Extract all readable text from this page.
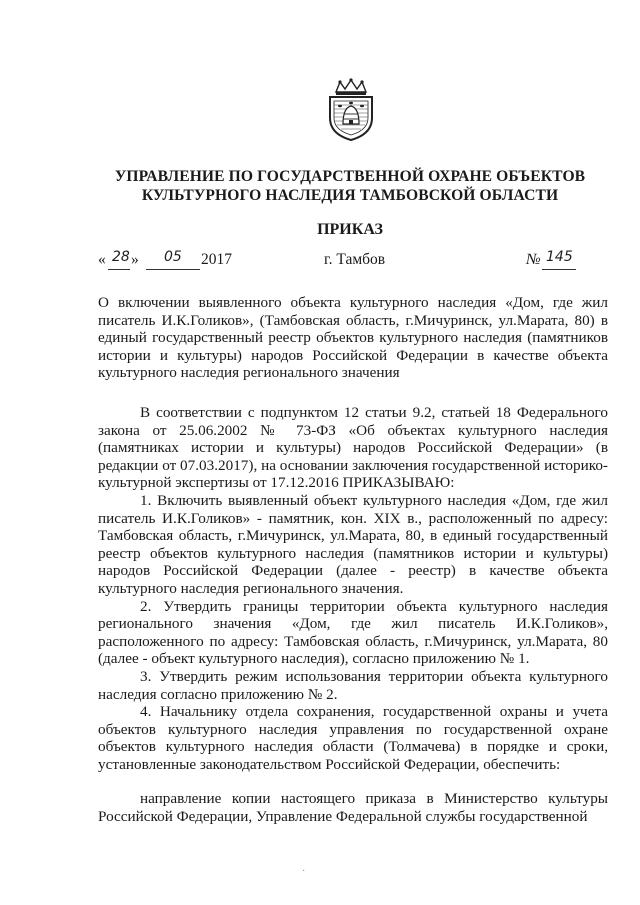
УПРАВЛЕНИЕ ПО ГОСУДАРСТВЕННОЙ ОХРАНЕ ОБЪЕКТОВ
КУЛЬТУРНОГО НАСЛЕДИЯ ТАМБОВСКОЙ ОБЛАСТИ
ПРИКАЗ
« 28 » 05 2017	г. Тамбов	№ 145
О включении выявленного объекта культурного наследия «Дом, где жил писатель И.К.Голиков», (Тамбовская область, г.Мичуринск, ул.Марата, 80) в единый государственный реестр объектов культурного наследия (памятников истории и культуры) народов Российской Федерации в качестве объекта культурного наследия регионального значения

В соответствии с подпунктом 12 статьи 9.2, статьей 18 Федерального закона от 25.06.2002 № 73-ФЗ «Об объектах культурного наследия (памятниках истории и культуры) народов Российской Федерации» (в редакции от 07.03.2017), на основании заключения государственной историко-культурной экспертизы от 17.12.2016 ПРИКАЗЫВАЮ:

1. Включить выявленный объект культурного наследия «Дом, где жил писатель И.К.Голиков» - памятник, кон. XIX в., расположенный по адресу: Тамбовская область, г.Мичуринск, ул.Марата, 80, в единый государственный реестр объектов культурного наследия (памятников истории и культуры) народов Российской Федерации (далее - реестр) в качестве объекта культурного наследия регионального значения.

2. Утвердить границы территории объекта культурного наследия регионального значения «Дом, где жил писатель И.К.Голиков», расположенного по адресу: Тамбовская область, г.Мичуринск, ул.Марата, 80 (далее - объект культурного наследия), согласно приложению № 1.

3. Утвердить режим использования территории объекта культурного наследия согласно приложению № 2.

4. Начальнику отдела сохранения, государственной охраны и учета объектов культурного наследия управления по государственной охране объектов культурного наследия области (Толмачева) в порядке и сроки, установленные законодательством Российской Федерации, обеспечить:

направление копии настоящего приказа в Министерство культуры Российской Федерации, Управление Федеральной службы государственной

·
